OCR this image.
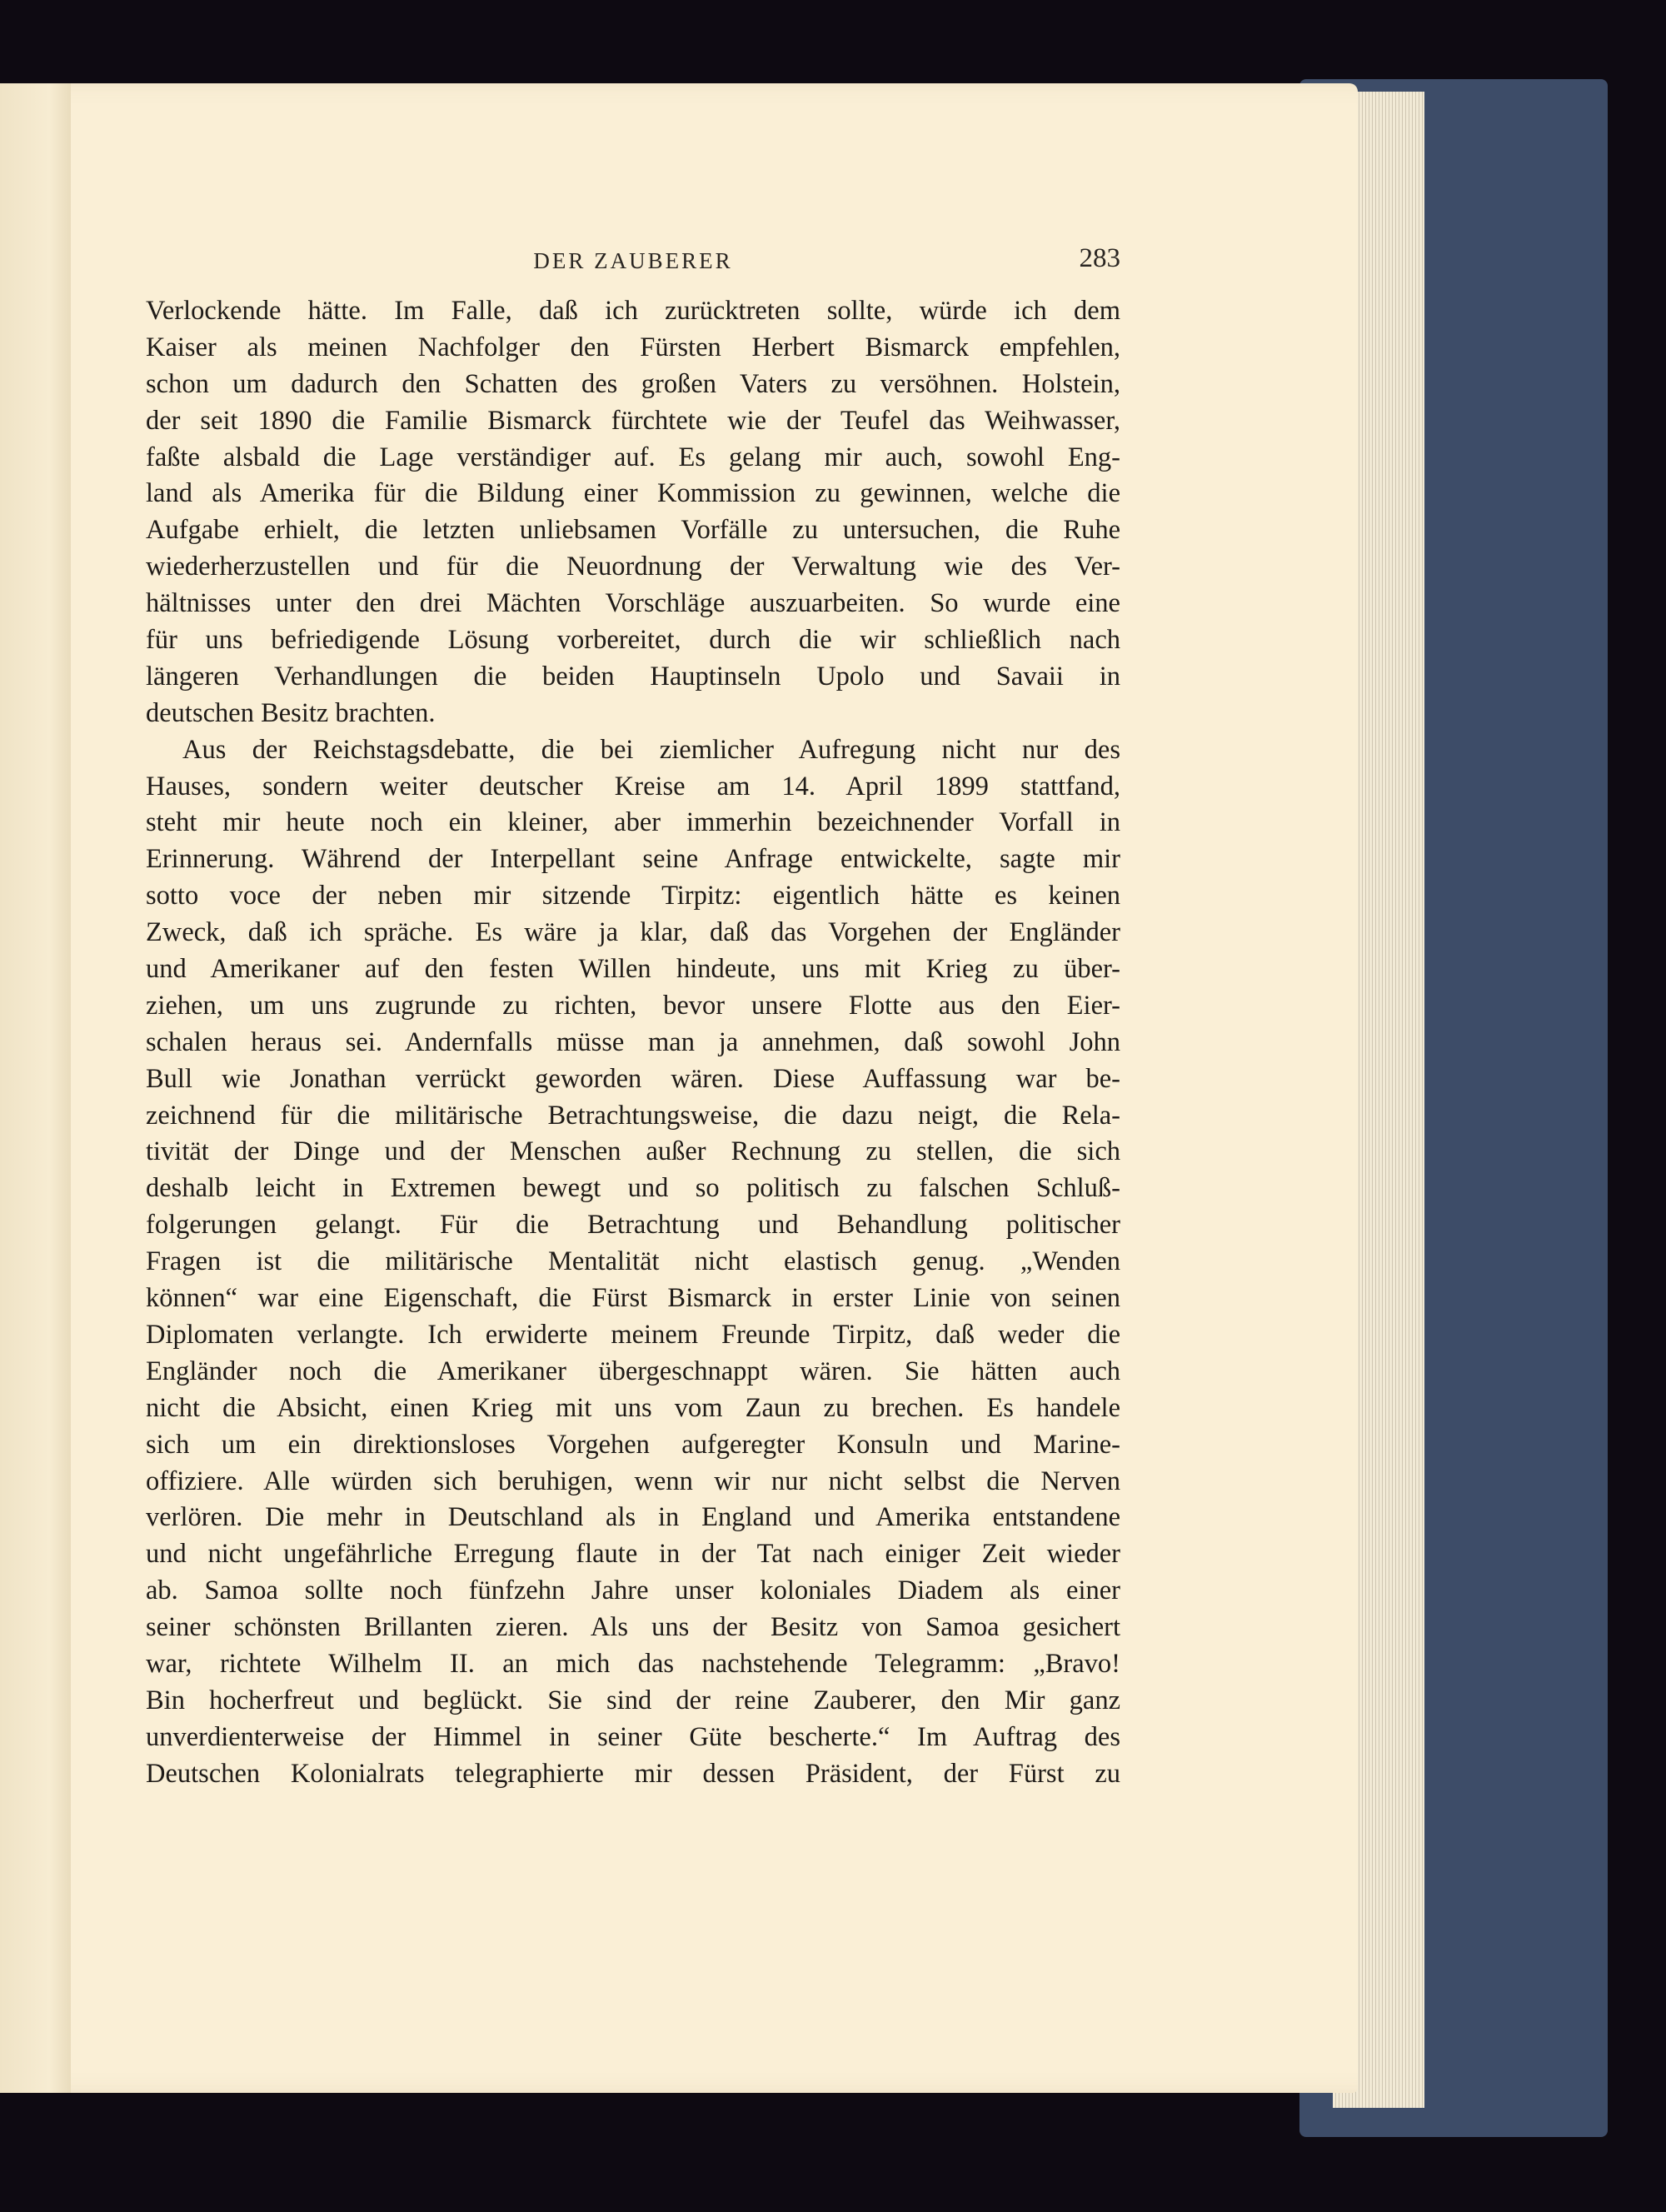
DER ZAUBERER	283
Verlockende hätte. Im Falle, daß ich zurücktreten sollte, würde ich dem
Kaiser als meinen Nachfolger den Fürsten Herbert Bismarck empfehlen,
schon um dadurch den Schatten des großen Vaters zu versöhnen. Holstein,
der seit 1890 die Familie Bismarck fürchtete wie der Teufel das Weihwasser,
faßte alsbald die Lage verständiger auf. Es gelang mir auch, sowohl Eng-
land als Amerika für die Bildung einer Kommission zu gewinnen, welche die
Aufgabe erhielt, die letzten unliebsamen Vorfälle zu untersuchen, die Ruhe
wiederherzustellen und für die Neuordnung der Verwaltung wie des Ver-
hältnisses unter den drei Mächten Vorschläge auszuarbeiten. So wurde eine
für uns befriedigende Lösung vorbereitet, durch die wir schließlich nach
längeren Verhandlungen die beiden Hauptinseln Upolo und Savaii in
deutschen Besitz brachten.
Aus der Reichstagsdebatte, die bei ziemlicher Aufregung nicht nur des
Hauses, sondern weiter deutscher Kreise am 14. April 1899 stattfand,
steht mir heute noch ein kleiner, aber immerhin bezeichnender Vorfall in
Erinnerung. Während der Interpellant seine Anfrage entwickelte, sagte mir
sotto voce der neben mir sitzende Tirpitz: eigentlich hätte es keinen
Zweck, daß ich spräche. Es wäre ja klar, daß das Vorgehen der Engländer
und Amerikaner auf den festen Willen hindeute, uns mit Krieg zu über-
ziehen, um uns zugrunde zu richten, bevor unsere Flotte aus den Eier-
schalen heraus sei. Andernfalls müsse man ja annehmen, daß sowohl John
Bull wie Jonathan verrückt geworden wären. Diese Auffassung war be-
zeichnend für die militärische Betrachtungsweise, die dazu neigt, die Rela-
tivität der Dinge und der Menschen außer Rechnung zu stellen, die sich
deshalb leicht in Extremen bewegt und so politisch zu falschen Schluß-
folgerungen gelangt. Für die Betrachtung und Behandlung politischer
Fragen ist die militärische Mentalität nicht elastisch genug. „Wenden
können“ war eine Eigenschaft, die Fürst Bismarck in erster Linie von seinen
Diplomaten verlangte. Ich erwiderte meinem Freunde Tirpitz, daß weder die
Engländer noch die Amerikaner übergeschnappt wären. Sie hätten auch
nicht die Absicht, einen Krieg mit uns vom Zaun zu brechen. Es handele
sich um ein direktionsloses Vorgehen aufgeregter Konsuln und Marine-
offiziere. Alle würden sich beruhigen, wenn wir nur nicht selbst die Nerven
verlören. Die mehr in Deutschland als in England und Amerika entstandene
und nicht ungefährliche Erregung flaute in der Tat nach einiger Zeit wieder
ab. Samoa sollte noch fünfzehn Jahre unser koloniales Diadem als einer
seiner schönsten Brillanten zieren. Als uns der Besitz von Samoa gesichert
war, richtete Wilhelm II. an mich das nachstehende Telegramm: „Bravo!
Bin hocherfreut und beglückt. Sie sind der reine Zauberer, den Mir ganz
unverdienterweise der Himmel in seiner Güte bescherte.“ Im Auftrag des
Deutschen Kolonialrats telegraphierte mir dessen Präsident, der Fürst zu
